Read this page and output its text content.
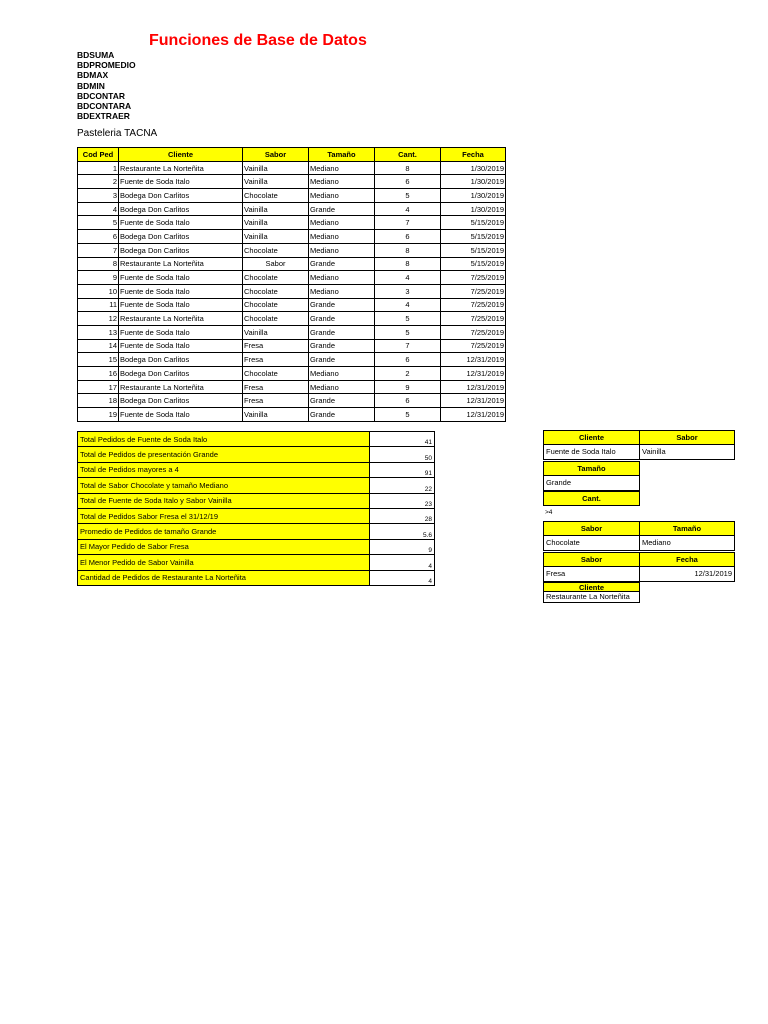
Funciones de Base de Datos
BDSUMA
BDPROMEDIO
BDMAX
BDMIN
BDCONTAR
BDCONTARA
BDEXTRAER
Pasteleria TACNA
Cod Ped	Cliente	Sabor	Tamaño	Cant.	Fecha
1	Restaurante La Norteñita	Vainilla	Mediano	8	1/30/2019
2	Fuente de Soda Italo	Vainilla	Mediano	6	1/30/2019
3	Bodega Don Carlitos	Chocolate	Mediano	5	1/30/2019
4	Bodega Don Carlitos	Vainilla	Grande	4	1/30/2019
5	Fuente de Soda Italo	Vainilla	Mediano	7	5/15/2019
6	Bodega Don Carlitos	Vainilla	Mediano	6	5/15/2019
7	Bodega Don Carlitos	Chocolate	Mediano	8	5/15/2019
8	Restaurante La Norteñita	Sabor	Grande	8	5/15/2019
9	Fuente de Soda Italo	Chocolate	Mediano	4	7/25/2019
10	Fuente de Soda Italo	Chocolate	Mediano	3	7/25/2019
11	Fuente de Soda Italo	Chocolate	Grande	4	7/25/2019
12	Restaurante La Norteñita	Chocolate	Grande	5	7/25/2019
13	Fuente de Soda Italo	Vainilla	Grande	5	7/25/2019
14	Fuente de Soda Italo	Fresa	Grande	7	7/25/2019
15	Bodega Don Carlitos	Fresa	Grande	6	12/31/2019
16	Bodega Don Carlitos	Chocolate	Mediano	2	12/31/2019
17	Restaurante La Norteñita	Fresa	Mediano	9	12/31/2019
18	Bodega Don Carlitos	Fresa	Grande	6	12/31/2019
19	Fuente de Soda Italo	Vainilla	Grande	5	12/31/2019
Total Pedidos de Fuente de Soda Italo		41
Total de Pedidos de presentación Grande		50
Total de Pedidos mayores a 4		91
Total de Sabor Chocolate y tamaño Mediano		22
Total de Fuente de Soda Italo y Sabor Vainilla		23
Total de Pedidos Sabor Fresa el 31/12/19		28
Promedio de Pedidos de tamaño Grande		5.6
El Mayor Pedido de Sabor Fresa		9
El Menor Pedido de Sabor Vainilla		4
Cantidad de Pedidos de Restaurante La Norteñita		4
Cliente	Sabor
Fuente de Soda Italo	Vainilla
Tamaño
Grande
Cant.
>4
Sabor	Tamaño
Chocolate	Mediano
Sabor	Fecha
Fresa	12/31/2019
Cliente
Restaurante La Norteñita
